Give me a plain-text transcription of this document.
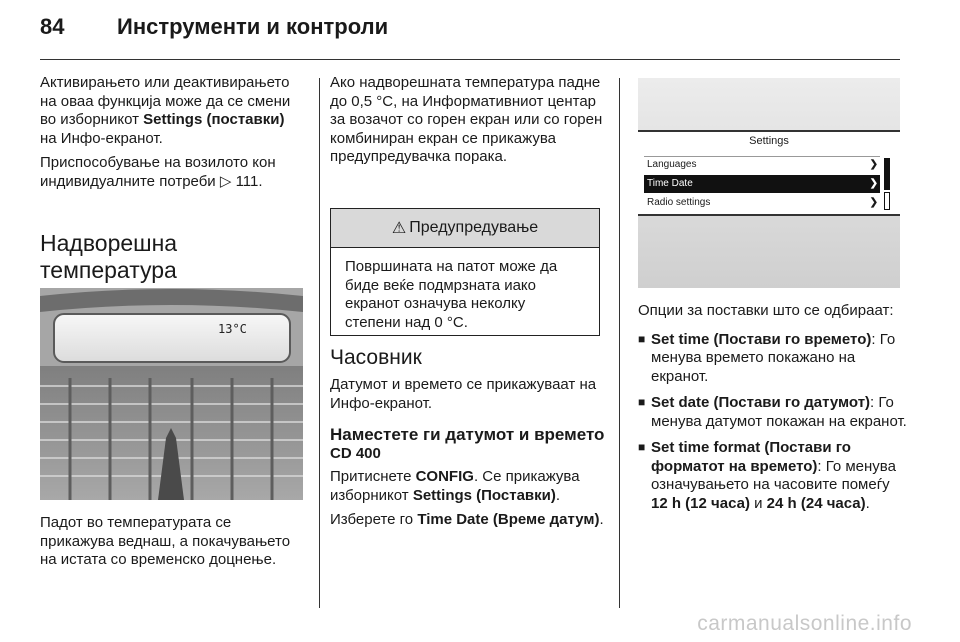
84 Инструменти и контроли

Активирањето или деактивирањето на оваа функција може да се смени во изборникот Settings (поставки) на Инфо-екранот.

Приспособување на возилото кон индивидуалните потреби ▷ 111.

Надворешна температура

13°C

Падот во температурата се прикажува веднаш, а покачувањето на истата со временско доцнење.

Ако надворешната температура падне до 0,5 °C, на Информативниот центар за возачот со горен екран или со горен комбиниран екран се прикажува предупредувачка порака.

⚠ Предупредување
Површината на патот може да биде веќе подмрзната иако екранот означува неколку степени над 0 °C.

Часовник

Датумот и времето се прикажуваат на Инфо-екранот.

Наместете ги датумот и времето

CD 400

Притиснете CONFIG. Се прикажува изборникот Settings (Поставки).

Изберете го Time Date (Време датум).

Settings
Languages	❯
Time Date	❯
Radio settings	❯

Опции за поставки што се одбираат:

■ Set time (Постави го времето): Го менува времето покажано на екранот.

■ Set date (Постави го датумот): Го менува датумот покажан на екранот.

■ Set time format (Постави го форматот на времето): Го менува означувањето на часовите помеѓу 12 h (12 часа) и 24 h (24 часа).

carmanualsonline.info
